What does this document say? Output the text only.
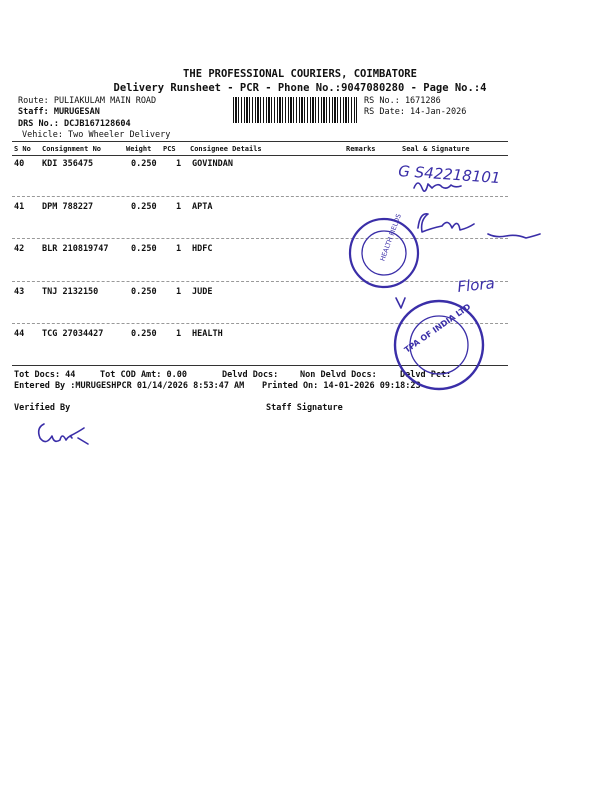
THE PROFESSIONAL COURIERS, COIMBATORE
Delivery Runsheet - PCR - Phone No.:9047080280 - Page No.:4
Route: PULIAKULAM MAIN ROAD
Staff: MURUGESAN
DRS No.: DCJB167128604
Vehicle: Two Wheeler Delivery
RS No.: 1671286
RS Date: 14-Jan-2026
S No Consignment No	Weight PCS Consignee Details	Remarks	Seal & Signature
40 KDI 356475	0.250 1 GOVINDAN
41 DPM 788227	0.250 1 APTA
42 BLR 210819747	0.250 1 HDFC
43 TNJ 2132150	0.250 1 JUDE
44 TCG 27034427	0.250 1 HEALTH
Tot Docs: 44	Tot COD Amt: 0.00	Delvd Docs:	Non Delvd Docs:	Delvd Pct:
Entered By :MURUGESHPCR 01/14/2026 8:53:47 AM Printed On: 14-01-2026 09:18:23
Verified By	Staff Signature
G S42218101
HEALTH FIELDS
TPA OF INDIA LTD
Flora
